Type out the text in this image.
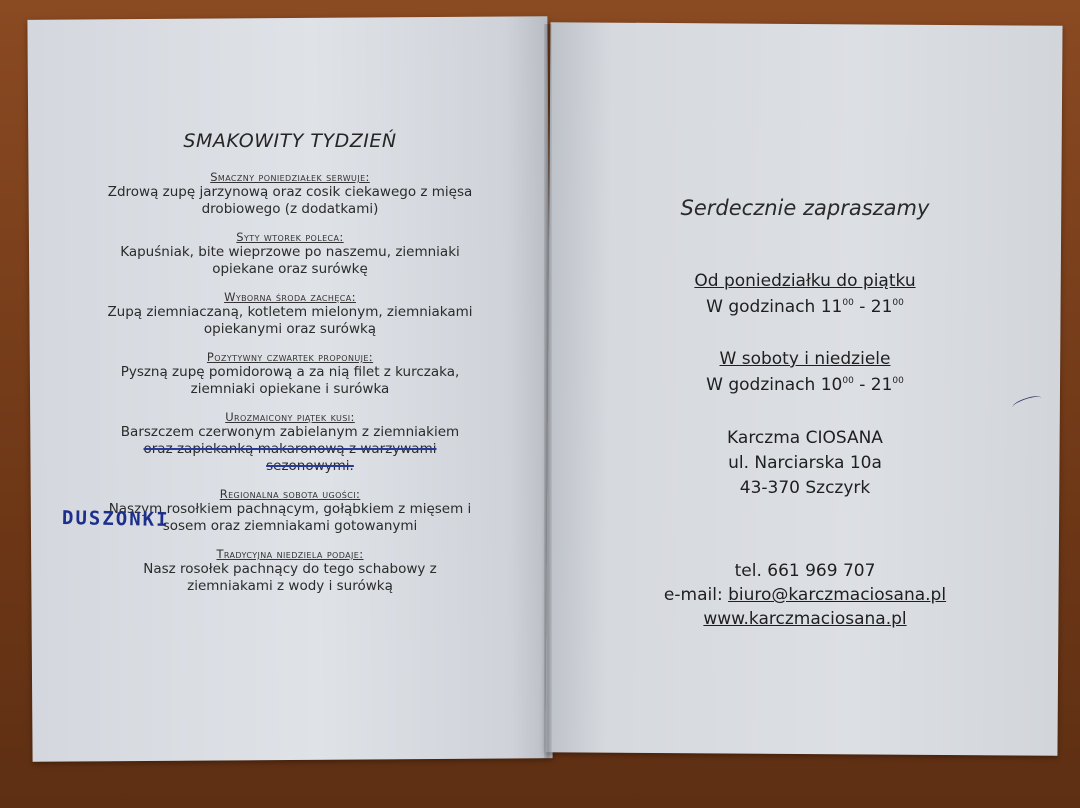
SMAKOWITY TYDZIEŃ
Smaczny poniedziałek serwuje:
Zdrową zupę jarzynową oraz cosik ciekawego z mięsa
drobiowego (z dodatkami)
Syty wtorek poleca:
Kapuśniak, bite wieprzowe po naszemu, ziemniaki
opiekane oraz surówkę
Wyborna środa zachęca:
Zupą ziemniaczaną, kotletem mielonym, ziemniakami
opiekanymi oraz surówką
Pozytywny czwartek proponuje:
Pyszną zupę pomidorową a za nią filet z kurczaka,
ziemniaki opiekane i surówka
Urozmaicony piątek kusi:
Barszczem czerwonym zabielanym z ziemniakiem
oraz zapiekanką makaronową z warzywami
sezonowymi.
Regionalna sobota ugości:
Naszym rosołkiem pachnącym, gołąbkiem z mięsem i
sosem oraz ziemniakami gotowanymi
Tradycyjna niedziela podaje:
Nasz rosołek pachnący do tego schabowy z
ziemniakami z wody i surówką
DUSZONKI
Serdecznie zapraszamy
Od poniedziałku do piątku
W godzinach $11^{00} - 21^{00}$
W soboty i niedziele
W godzinach $10^{00} - 21^{00}$
Karczma CIOSANA
ul. Narciarska 10a
43-370 Szczyrk
tel. 661 969 707
e-mail: biuro@karczmaciosana.pl
www.karczmaciosana.pl
